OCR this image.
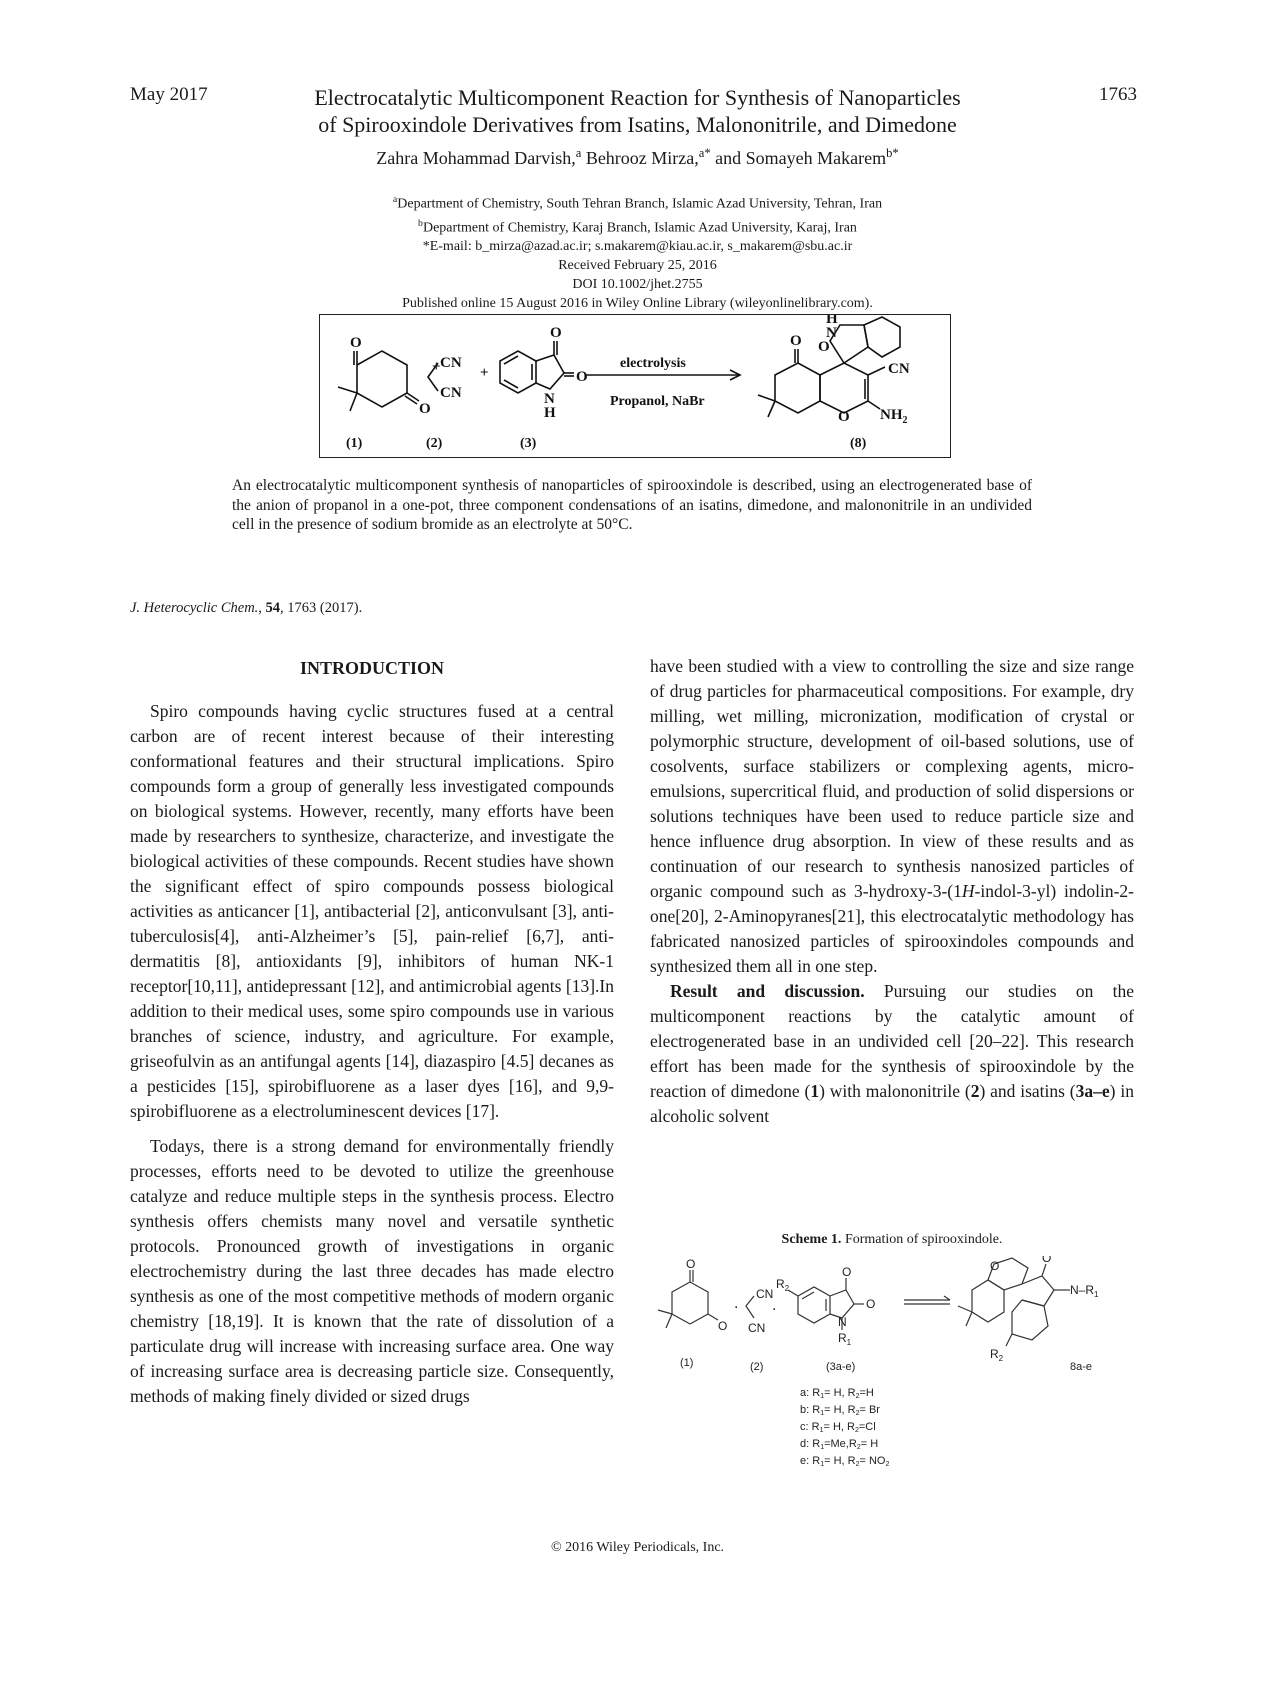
May 2017	1763
Electrocatalytic Multicomponent Reaction for Synthesis of Nanoparticles
of Spirooxindole Derivatives from Isatins, Malononitrile, and Dimedone
Zahra Mohammad Darvish,$^a$ Behrooz Mirza,$^{a*}$ and Somayeh Makarem$^{b*}$
$^a$Department of Chemistry, South Tehran Branch, Islamic Azad University, Tehran, Iran
$^b$Department of Chemistry, Karaj Branch, Islamic Azad University, Karaj, Iran
*E-mail: b_mirza@azad.ac.ir; s.makarem@kiau.ac.ir, s_makarem@sbu.ac.ir
Received February 25, 2016
DOI 10.1002/jhet.2755
Published online 15 August 2016 in Wiley Online Library (wileyonlinelibrary.com).
O
O
+ CN
CN
+
O
O
N
H
electrolysis
Propanol, NaBr
O O
H
N
CN
O $NH_2$
(1)	(2)	(3)	(8)
An electrocatalytic multicomponent synthesis of nanoparticles of spirooxindole is described, using an electrogenerated base of the anion of propanol in a one-pot, three component condensations of an isatins, dimedone, and malononitrile in an undivided cell in the presence of sodium bromide as an electrolyte at 50°C.
J. Heterocyclic Chem., 54, 1763 (2017).
INTRODUCTION

Spiro compounds having cyclic structures fused at a central carbon are of recent interest because of their interesting conformational features and their structural implications. Spiro compounds form a group of generally less investigated compounds on biological systems. However, recently, many efforts have been made by researchers to synthesize, characterize, and investigate the biological activities of these compounds. Recent studies have shown the significant effect of spiro compounds possess biological activities as anticancer [1], antibacterial [2], anticonvulsant [3], anti-tuberculosis[4], anti-Alzheimer’s [5], pain-relief [6,7], anti-dermatitis [8], antioxidants [9], inhibitors of human NK-1 receptor[10,11], antidepressant [12], and antimicrobial agents [13].In addition to their medical uses, some spiro compounds use in various branches of science, industry, and agriculture. For example, griseofulvin as an antifungal agents [14], diazaspiro [4.5] decanes as a pesticides [15], spirobifluorene as a laser dyes [16], and 9,9-spirobifluorene as a electroluminescent devices [17].

Todays, there is a strong demand for environmentally friendly processes, efforts need to be devoted to utilize the greenhouse catalyze and reduce multiple steps in the synthesis process. Electro synthesis offers chemists many novel and versatile synthetic protocols. Pronounced growth of investigations in organic electrochemistry during the last three decades has made electro synthesis as one of the most competitive methods of modern organic chemistry [18,19]. It is known that the rate of dissolution of a particulate drug will increase with increasing surface area. One way of increasing surface area is decreasing particle size. Consequently, methods of making finely divided or sized drugs

have been studied with a view to controlling the size and size range of drug particles for pharmaceutical compositions. For example, dry milling, wet milling, micronization, modification of crystal or polymorphic structure, development of oil-based solutions, use of cosolvents, surface stabilizers or complexing agents, micro-emulsions, supercritical fluid, and production of solid dispersions or solutions techniques have been used to reduce particle size and hence influence drug absorption. In view of these results and as continuation of our research to synthesis nanosized particles of organic compound such as 3-hydroxy-3-(1H-indol-3-yl) indolin-2-one[20], 2-Aminopyranes[21], this electrocatalytic methodology has fabricated nanosized particles of spirooxindoles compounds and synthesized them all in one step.

Result and discussion. Pursuing our studies on the multicomponent reactions by the catalytic amount of electrogenerated base in an undivided cell [20–22]. This research effort has been made for the synthesis of spirooxindole by the reaction of dimedone (1) with malononitrile (2) and isatins (3a–e) in alcoholic solvent

Scheme 1. Formation of spirooxindole.
O
O
.
CN
CN
.
$R_2$
O
O
N
$R_1$
O
O
$N-R_1$
$R_2$
(1)	(2)	(3a-e)	8a-e
a: R1= H, R2=H
b: R1= H, R2= Br
c: R1= H, R2=Cl
d: R1=Me,R2= H
e: R1= H, R2= NO2
© 2016 Wiley Periodicals, Inc.
